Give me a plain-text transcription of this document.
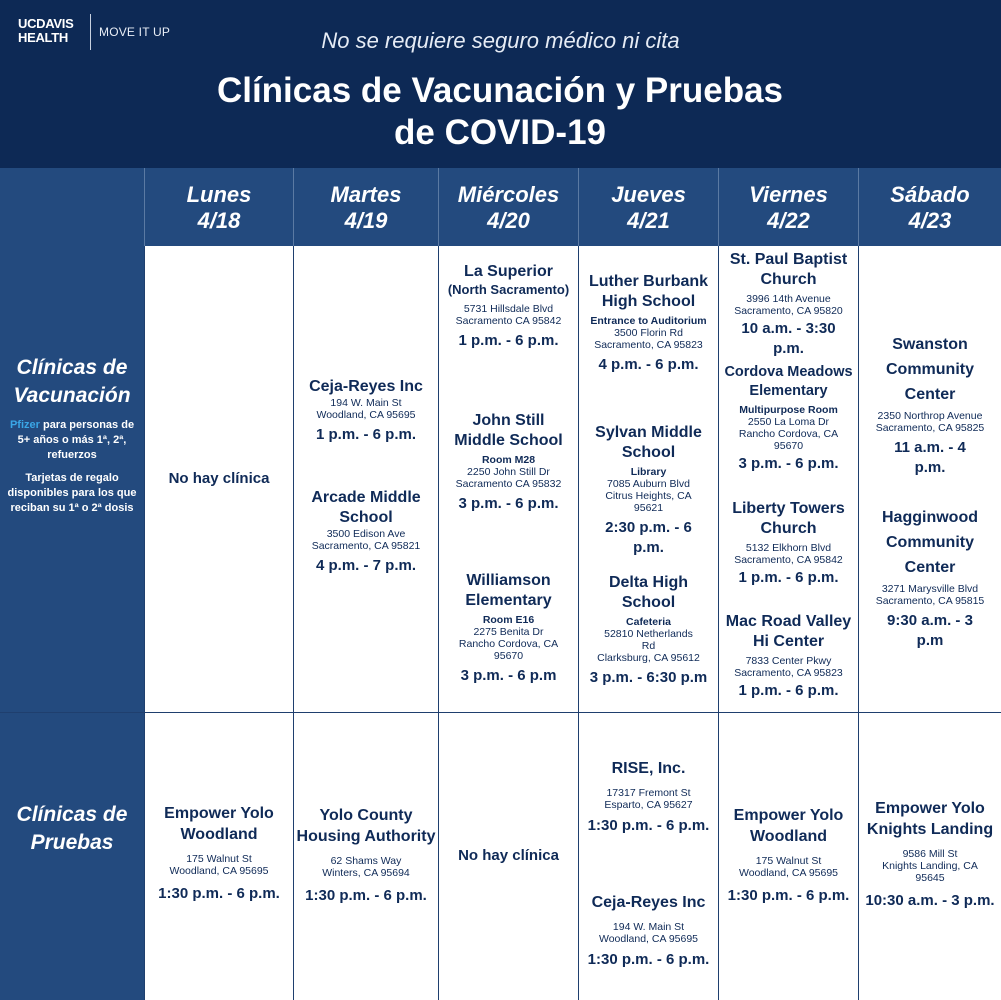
UCDAVIS
HEALTH	MOVE IT UP	No se requiere seguro médico ni cita
Clínicas de Vacunación y Pruebas
de COVID-19
Lunes
4/18
Martes
4/19
Miércoles
4/20
Jueves
4/21
Viernes
4/22
Sábado
4/23
Clínicas de
Vacunación
Pfizer para personas de 5+ años o más 1ª, 2ª, refuerzos
Tarjetas de regalo disponibles para los que reciban su 1ª o 2ª dosis
Clínicas de
Pruebas
No hay clínica
Ceja-Reyes Inc
194 W. Main St
Woodland, CA 95695
1 p.m. - 6 p.m.
Arcade Middle School
3500 Edison Ave
Sacramento, CA 95821
4 p.m. - 7 p.m.
La Superior
(North Sacramento)
5731 Hillsdale Blvd
Sacramento CA 95842
1 p.m. - 6 p.m.
John Still Middle School
Room M28
2250 John Still Dr
Sacramento CA 95832
3 p.m. - 6 p.m.
Williamson Elementary
Room E16
2275 Benita Dr
Rancho Cordova, CA 95670
3 p.m. - 6 p.m
Luther Burbank High School
Entrance to Auditorium
3500 Florin Rd
Sacramento, CA 95823
4 p.m. - 6 p.m.
Sylvan Middle School
Library
7085 Auburn Blvd
Citrus Heights, CA 95621
2:30 p.m. - 6 p.m.
Delta High School
Cafeteria
52810 Netherlands Rd
Clarksburg, CA 95612
3 p.m. - 6:30 p.m
St. Paul Baptist Church
3996 14th Avenue
Sacramento, CA 95820
10 a.m. - 3:30 p.m.
Cordova Meadows Elementary
Multipurpose Room
2550 La Loma Dr
Rancho Cordova, CA 95670
3 p.m. - 6 p.m.
Liberty Towers Church
5132 Elkhorn Blvd
Sacramento, CA 95842
1 p.m. - 6 p.m.
Mac Road Valley Hi Center
7833 Center Pkwy
Sacramento, CA 95823
1 p.m. - 6 p.m.
Swanston Community Center
2350 Northrop Avenue
Sacramento, CA 95825
11 a.m. - 4 p.m.
Hagginwood Community Center
3271 Marysville Blvd
Sacramento, CA 95815
9:30 a.m. - 3 p.m
Empower Yolo Woodland
175 Walnut St
Woodland, CA 95695
1:30 p.m. - 6 p.m.
Yolo County Housing Authority
62 Shams Way
Winters, CA 95694
1:30 p.m. - 6 p.m.
No hay clínica
RISE, Inc.
17317 Fremont St
Esparto, CA 95627
1:30 p.m. - 6 p.m.
Ceja-Reyes Inc
194 W. Main St
Woodland, CA 95695
1:30 p.m. - 6 p.m.
Empower Yolo Woodland
175 Walnut St
Woodland, CA 95695
1:30 p.m. - 6 p.m.
Empower Yolo Knights Landing
9586 Mill St
Knights Landing, CA 95645
10:30 a.m. - 3 p.m.
